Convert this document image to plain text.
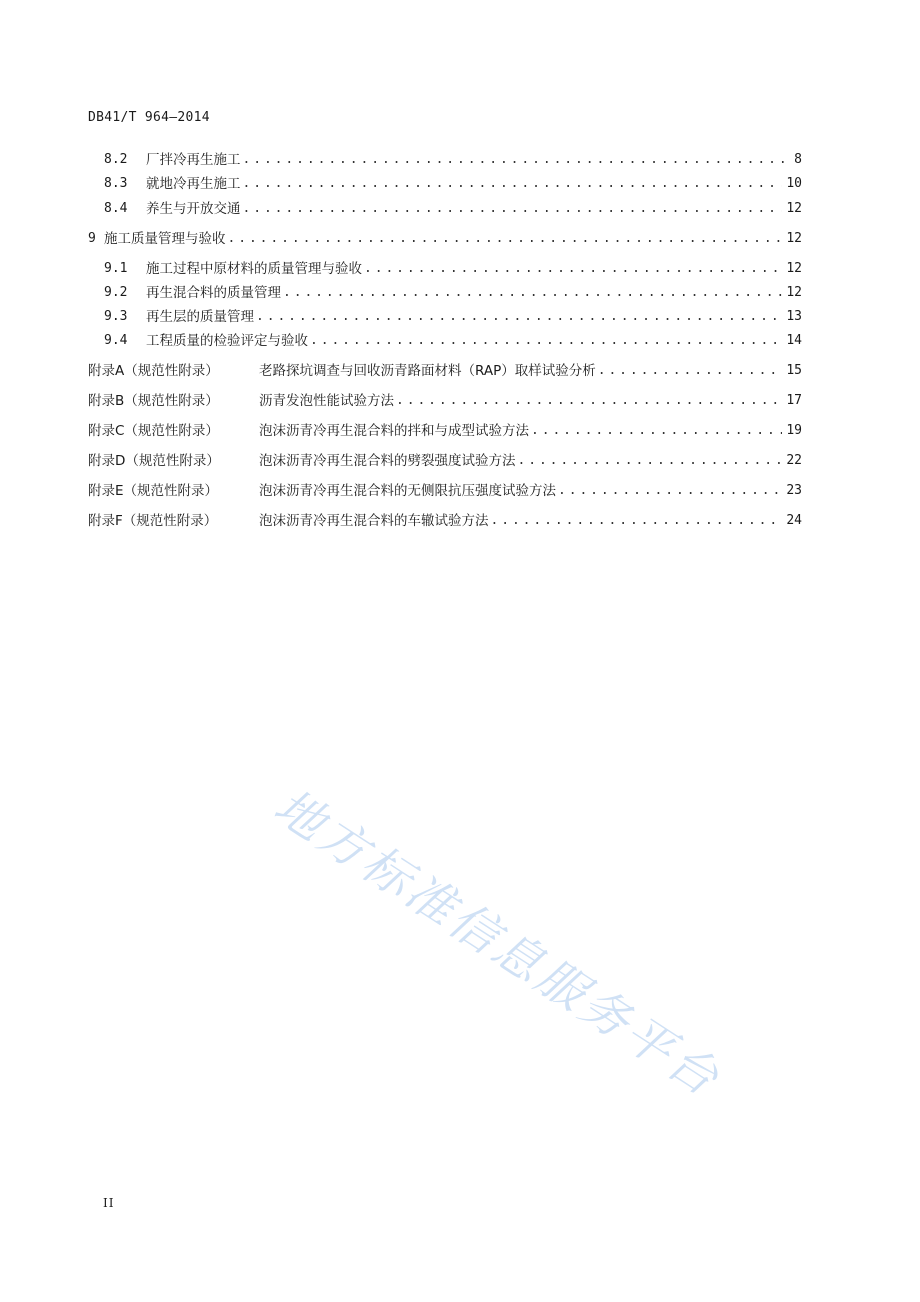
DB41/T 964—2014
8.2	厂拌冷再生施工 .....	8
8.3	就地冷再生施工 .....	10
8.4	养生与开放交通 .....	12
9 施工质量管理与验收 .....	12
9.1	施工过程中原材料的质量管理与验收 .....	12
9.2	再生混合料的质量管理 .....	12
9.3	再生层的质量管理 .....	13
9.4	工程质量的检验评定与验收 .....	14
附录A（规范性附录）	老路探坑调查与回收沥青路面材料（RAP）取样试验分析 .....	15
附录B（规范性附录）	沥青发泡性能试验方法 .....	17
附录C（规范性附录）	泡沫沥青冷再生混合料的拌和与成型试验方法 .....	19
附录D（规范性附录）	泡沫沥青冷再生混合料的劈裂强度试验方法 .....	22
附录E（规范性附录）	泡沫沥青冷再生混合料的无侧限抗压强度试验方法 .....	23
附录F（规范性附录）	泡沫沥青冷再生混合料的车辙试验方法 .....	24
地方标准信息服务平台
II
